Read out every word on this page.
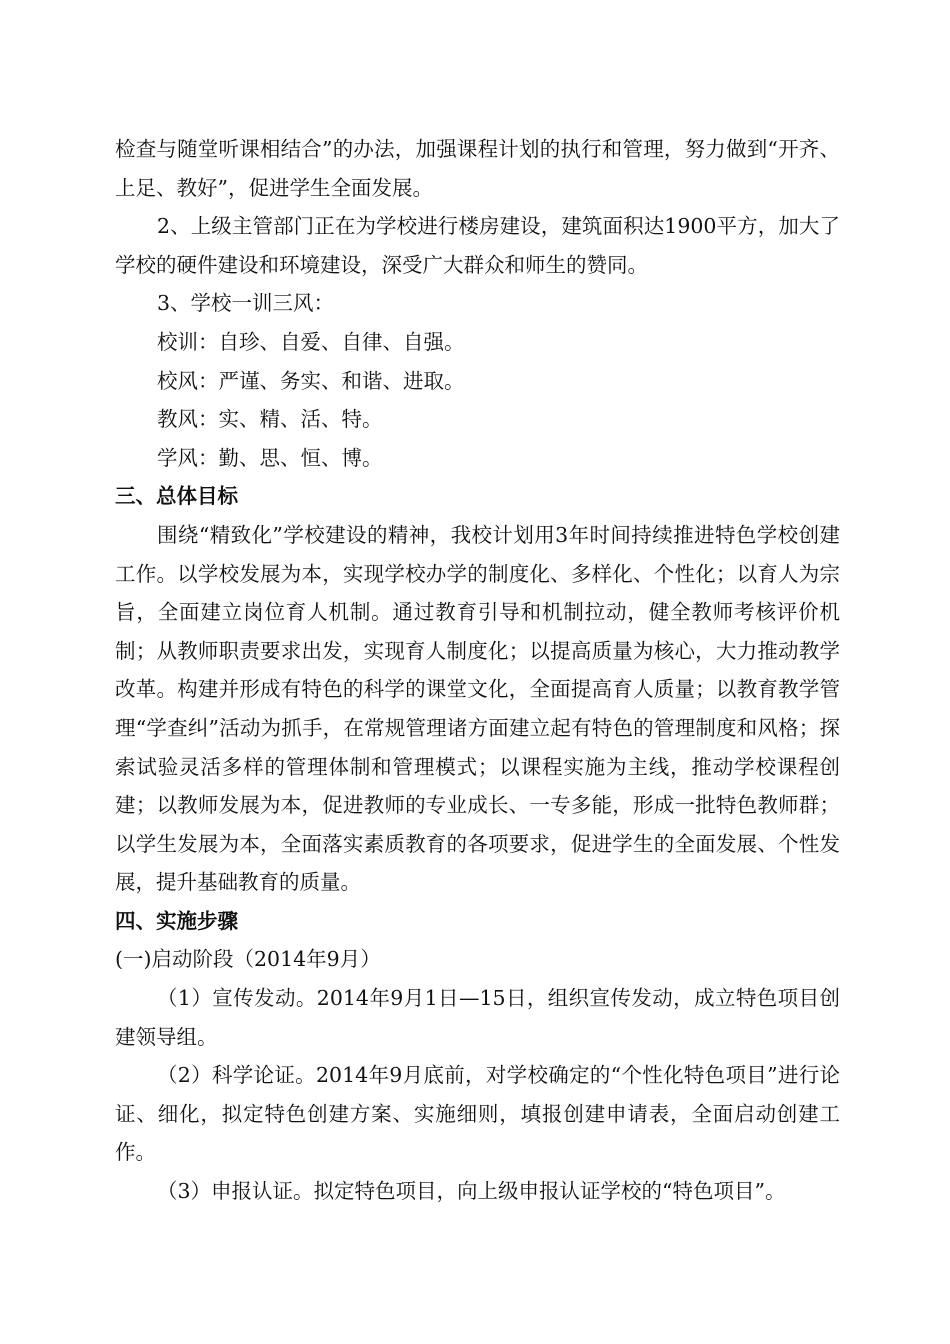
检查与随堂听课相结合”的办法，加强课程计划的执行和管理，努力做到“开齐、上足、教好”，促进学生全面发展。

2、上级主管部门正在为学校进行楼房建设，建筑面积达1900平方，加大了学校的硬件建设和环境建设，深受广大群众和师生的赞同。

3、学校一训三风：

校训：自珍、自爱、自律、自强。

校风：严谨、务实、和谐、进取。

教风：实、精、活、特。

学风：勤、思、恒、博。

三、总体目标

围绕“精致化”学校建设的精神，我校计划用3年时间持续推进特色学校创建工作。以学校发展为本，实现学校办学的制度化、多样化、个性化；以育人为宗旨，全面建立岗位育人机制。通过教育引导和机制拉动，健全教师考核评价机制；从教师职责要求出发，实现育人制度化；以提高质量为核心，大力推动教学改革。构建并形成有特色的科学的课堂文化，全面提高育人质量；以教育教学管理“学查纠”活动为抓手，在常规管理诸方面建立起有特色的管理制度和风格；探索试验灵活多样的管理体制和管理模式；以课程实施为主线，推动学校课程创建；以教师发展为本，促进教师的专业成长、一专多能，形成一批特色教师群；以学生发展为本，全面落实素质教育的各项要求，促进学生的全面发展、个性发展，提升基础教育的质量。

四、实施步骤

(一)启动阶段（2014年9月）

（1）宣传发动。2014年9月1日—15日，组织宣传发动，成立特色项目创建领导组。

（2）科学论证。2014年9月底前，对学校确定的“个性化特色项目”进行论证、细化，拟定特色创建方案、实施细则，填报创建申请表，全面启动创建工作。

（3）申报认证。拟定特色项目，向上级申报认证学校的“特色项目”。
